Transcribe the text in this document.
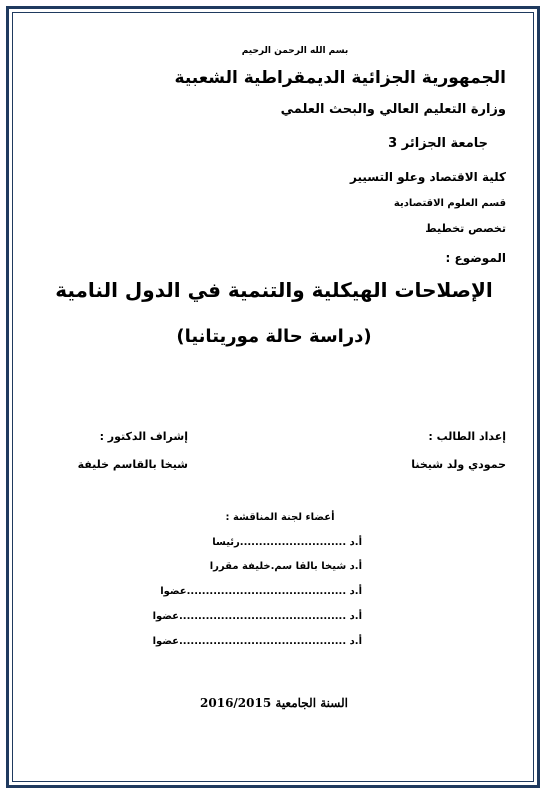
بسم الله الرحمن الرحيم
الجمهورية الجزائية الديمقراطية الشعبية
وزارة التعليم العالي والبحث العلمي
جامعة الجزائر 3
كلية الاقتصاد وعلو التسيير
قسم العلوم الاقتصادية
تخصص تخطيط
الموضوع :
الإصلاحات الهيكلية والتنمية في الدول النامية
(دراسة حالة موريتانيا)
إعداد الطالب :
حمودي ولد شيخنا
إشراف الدكتور :
شيخا بالقاسم خليفة
أعضاء لجنة المناقشة :
أ.د ............................رئيسا
أ.د شيخا بالقا سم.خليفة مقررا
أ.د ..........................................عضوا
أ.د ............................................عضوا
أ.د ............................................عضوا
السنة الجامعية 2016/2015
